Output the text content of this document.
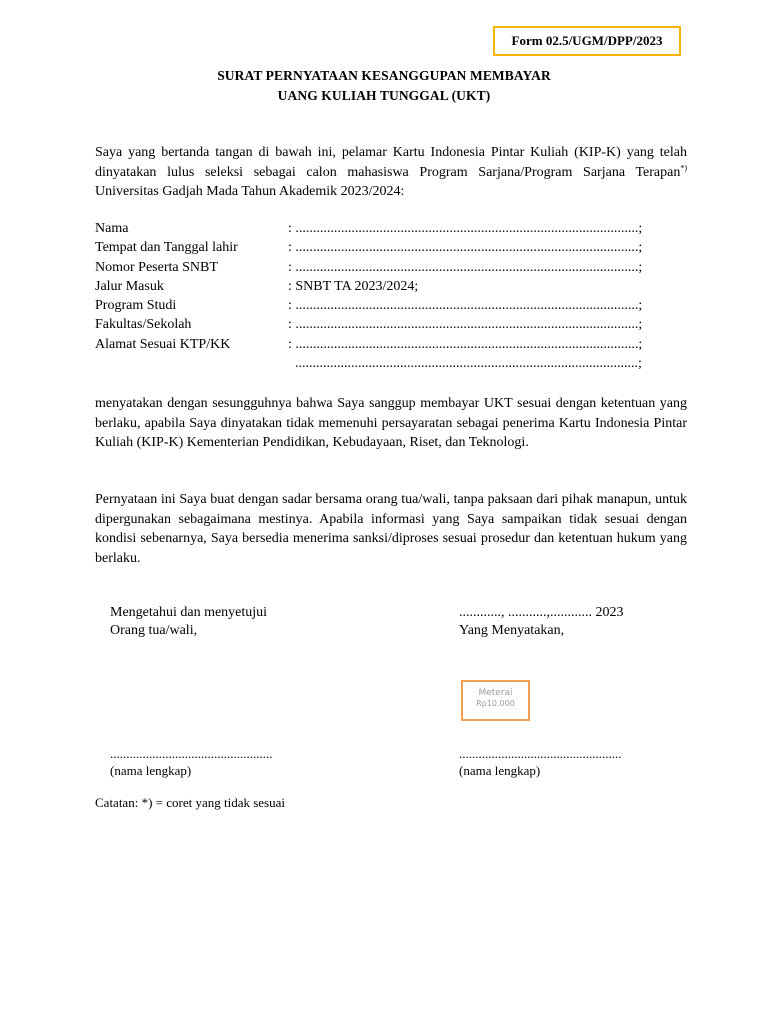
Form 02.5/UGM/DPP/2023
SURAT PERNYATAAN KESANGGUPAN MEMBAYAR
UANG KULIAH TUNGGAL (UKT)
Saya yang bertanda tangan di bawah ini, pelamar Kartu Indonesia Pintar Kuliah (KIP-K) yang telah dinyatakan lulus seleksi sebagai calon mahasiswa Program Sarjana/Program Sarjana Terapan*) Universitas Gadjah Mada Tahun Akademik 2023/2024:
Nama	: ..................................................................................................;
Tempat dan Tanggal lahir	: ..................................................................................................;
Nomor Peserta SNBT	: ..................................................................................................;
Jalur Masuk	: SNBT TA 2023/2024;
Program Studi	: ..................................................................................................;
Fakultas/Sekolah	: ..................................................................................................;
Alamat Sesuai KTP/KK	: ..................................................................................................;
..................................................................................................;
menyatakan dengan sesungguhnya bahwa Saya sanggup membayar UKT sesuai dengan ketentuan yang berlaku, apabila Saya dinyatakan tidak memenuhi persayaratan sebagai penerima Kartu Indonesia Pintar Kuliah (KIP-K) Kementerian Pendidikan, Kebudayaan, Riset, dan Teknologi.
Pernyataan ini Saya buat dengan sadar bersama orang tua/wali, tanpa paksaan dari pihak manapun, untuk dipergunakan sebagaimana mestinya. Apabila informasi yang Saya sampaikan tidak sesuai dengan kondisi sebenarnya, Saya bersedia menerima sanksi/diproses sesuai prosedur dan ketentuan hukum yang berlaku.
Mengetahui dan menyetujui
Orang tua/wali,
............, ...........,............ 2023
Yang Menyatakan,
Meterai
Rp10.000
..................................................
(nama lengkap)
..................................................
(nama lengkap)
Catatan: *) = coret yang tidak sesuai
